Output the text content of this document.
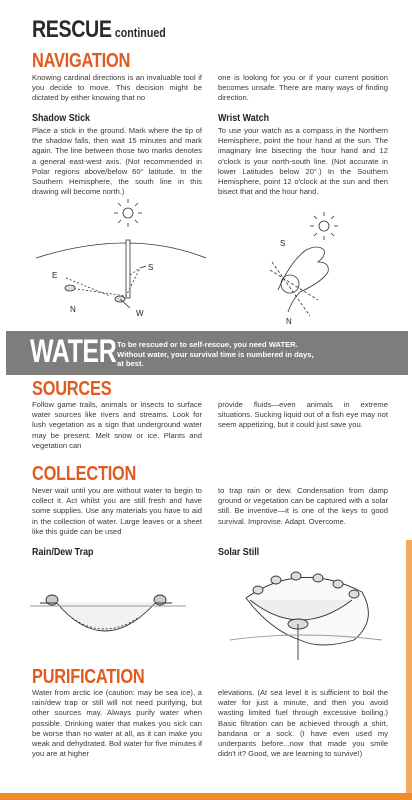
RESCUE continued
NAVIGATION
Knowing cardinal directions is an invaluable tool if you decide to move. This decision might be dictated by either knowing that no
one is looking for you or if your current position becomes unsafe. There are many ways of finding direction.
Shadow Stick
Place a stick in the ground. Mark where the tip of the shadow falls, then wait 15 minutes and mark again. The line between those two marks denotes a general east-west axis. (Not recommended in Polar regions above/below 60° latitude. In the Southern Hemisphere, the south line in this drawing will become north.)
Wrist Watch
To use your watch as a compass in the Northern Hemisphere, point the hour hand at the sun. The imaginary line bisecting the hour hand and 12 o'clock is your north-south line. (Not accurate in lower Latitudes below 20°.) In the Southern Hemisphere, point 12 o'clock at the sun and then bisect that and the hour hand.
E
S
N	W
S
N
WATER To be rescued or to self-rescue, you need WATER. Without water, your survival time is numbered in days, at best.
SOURCES
Follow game trails, animals or insects to surface water sources like rivers and streams. Look for lush vegetation as a sign that underground water may be present. Melt snow or ice. Plants and vegetation can
provide fluids—even animals in extreme situations. Sucking liquid out of a fish eye may not seem appetizing, but it could just save you.
COLLECTION
Never wait until you are without water to begin to collect it. Act whilst you are still fresh and have some supplies. Use any materials you have to aid in the collection of water. Large leaves or a sheet like this guide can be used
to trap rain or dew. Condensation from damp ground or vegetation can be captured with a solar still. Be inventive—it is one of the keys to good survival. Improvise. Adapt. Overcome.
Rain/Dew Trap	Solar Still
PURIFICATION
Water from arctic ice (caution: may be sea ice), a rain/dew trap or still will not need purifying, but other sources may. Always purify water when possible. Drinking water that makes you sick can be worse than no water at all, as it can make you weak and dehydrated. Boil water for five minutes if you are at higher
elevations. (At sea level it is sufficient to boil the water for just a minute, and then you avoid wasting limited fuel through excessive boiling.) Basic filtration can be achieved through a shirt, bandana or a sock. (I have even used my underpants before...now that made you smile didn't it? Good, we are learning to survive!)
